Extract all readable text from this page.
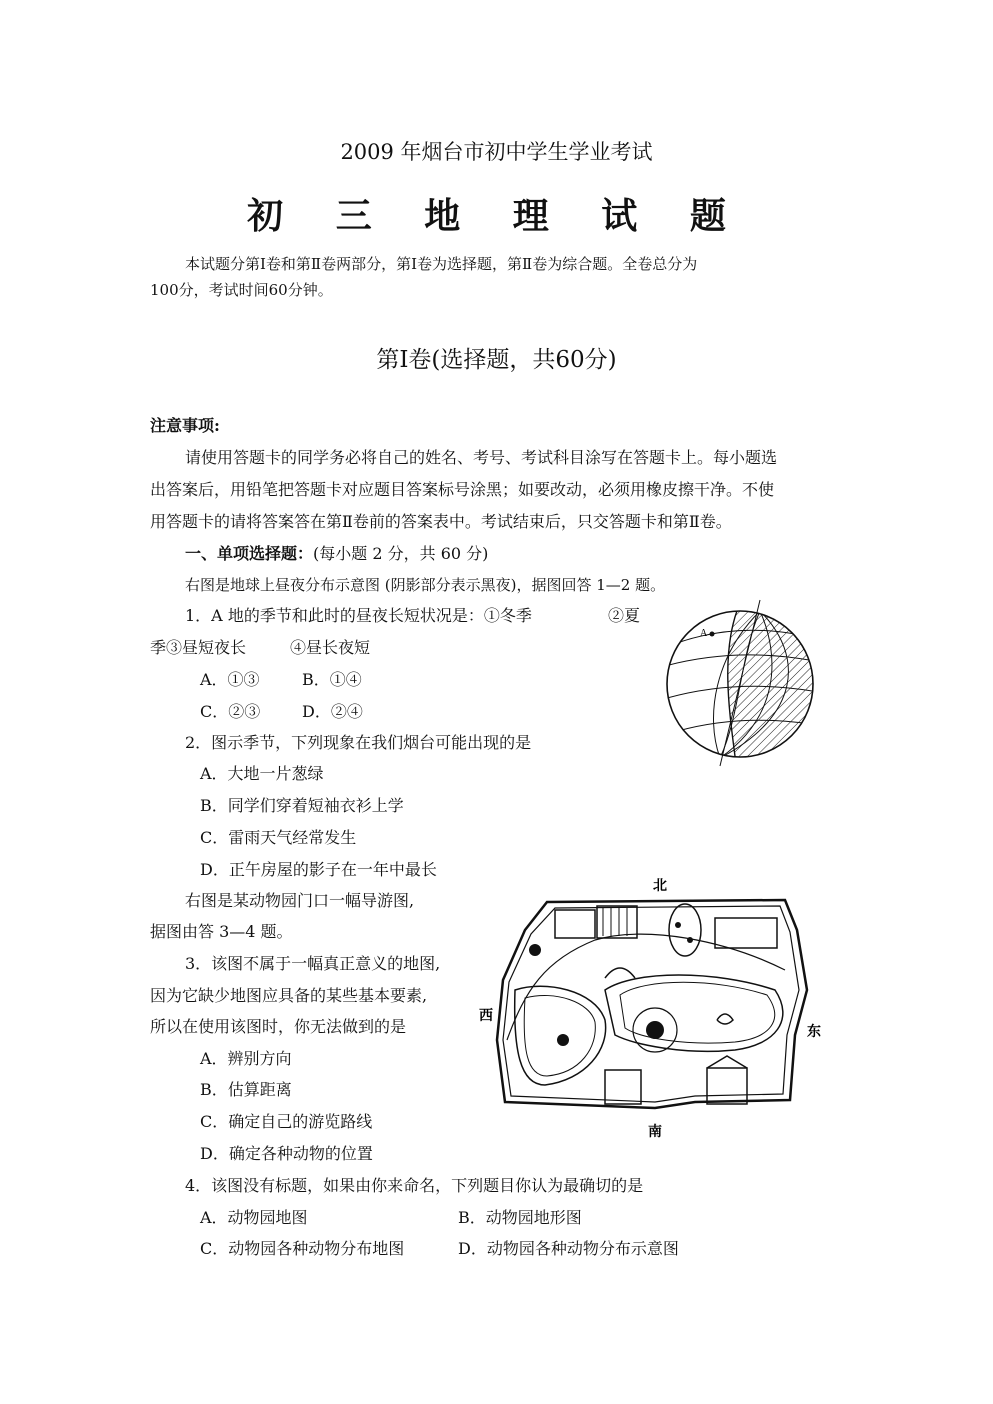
2009 年烟台市初中学生学业考试
初 三 地 理 试 题
本试题分第Ⅰ卷和第Ⅱ卷两部分，第Ⅰ卷为选择题，第Ⅱ卷为综合题。全卷总分为
100分，考试时间60分钟。
第Ⅰ卷(选择题，共60分)
注意事项:
请使用答题卡的同学务必将自己的姓名、考号、考试科目涂写在答题卡上。每小题选
出答案后，用铅笔把答题卡对应题目答案标号涂黑；如要改动，必须用橡皮擦干净。不使
用答题卡的请将答案答在第Ⅱ卷前的答案表中。考试结束后，只交答题卡和第Ⅱ卷。
一、单项选择题：(每小题 2 分，共 60 分)
右图是地球上昼夜分布示意图 (阴影部分表示黑夜)，据图回答 1—2 题。
1．A 地的季节和此时的昼夜长短状况是：①冬季	②夏
季③昼短夜长	④昼长夜短
A．①③	B．①④
C．②③	D．②④
2．图示季节，下列现象在我们烟台可能出现的是
A．大地一片葱绿
B．同学们穿着短袖衣衫上学
C．雷雨天气经常发生
D．正午房屋的影子在一年中最长
右图是某动物园门口一幅导游图,
据图由答 3—4 题。
3．该图不属于一幅真正意义的地图,
因为它缺少地图应具备的某些基本要素,
所以在使用该图时，你无法做到的是
A．辨别方向
B．估算距离
C．确定自己的游览路线
D．确定各种动物的位置
4．该图没有标题，如果由你来命名，下列题目你认为最确切的是
A．动物园地图	B．动物园地形图
C．动物园各种动物分布地图	D．动物园各种动物分布示意图
A
北
南
西
东
